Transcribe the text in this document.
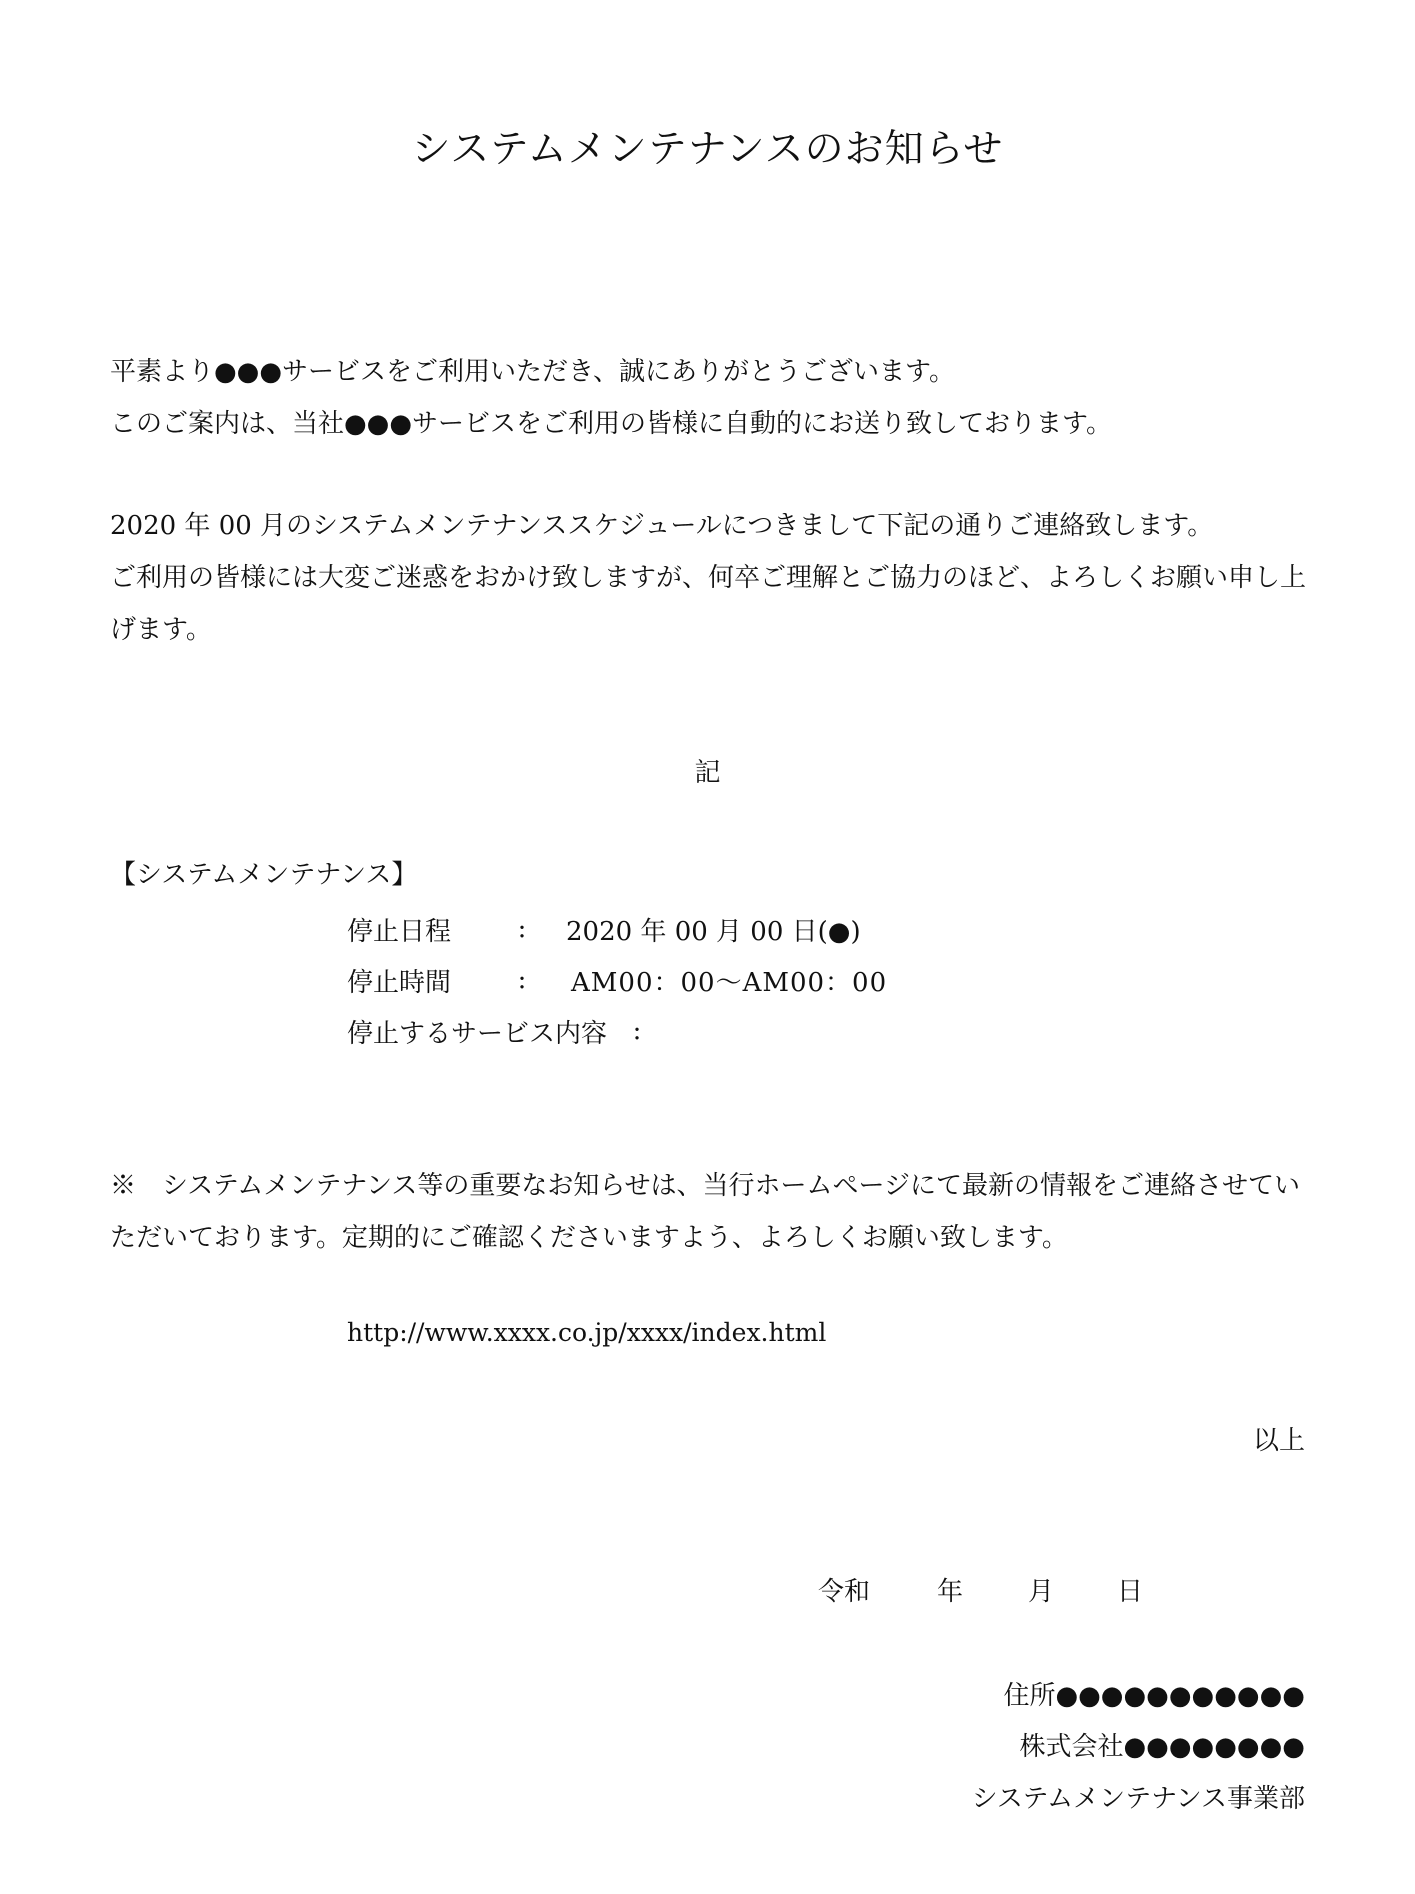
システムメンテナンスのお知らせ

平素より●●●サービスをご利用いただき、誠にありがとうございます。

このご案内は、当社●●●サービスをご利用の皆様に自動的にお送り致しております。

2020 年 00 月のシステムメンテナンススケジュールにつきまして下記の通りご連絡致します。

ご利用の皆様には大変ご迷惑をおかけ致しますが、何卒ご理解とご協力のほど、よろしくお願い申し上げます。

記

【システムメンテナンス】

停止日程	:	2020 年 00 月 00 日(●)
停止時間	:	AM00：00～AM00：00
停止するサービス内容 :

※　システムメンテナンス等の重要なお知らせは、当行ホームページにて最新の情報をご連絡させていただいております。定期的にご確認くださいますよう、よろしくお願い致します。

http://www.xxxx.co.jp/xxxx/index.html

以上

令和	年	月	日

住所●●●●●●●●●●●

株式会社●●●●●●●●

システムメンテナンス事業部
